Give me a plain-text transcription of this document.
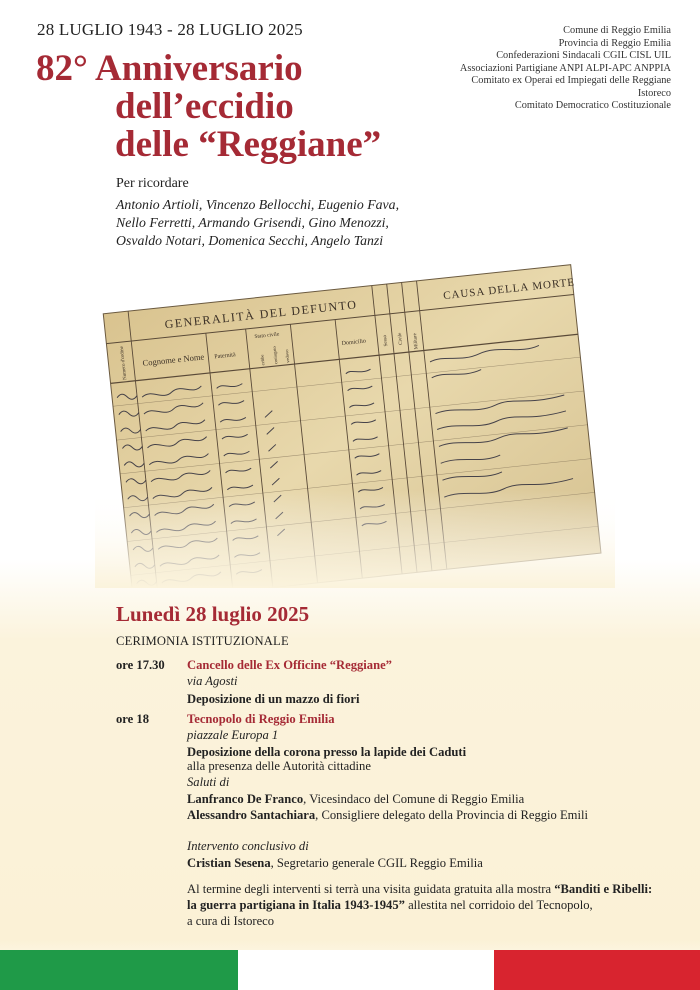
28 LUGLIO 1943 - 28 LUGLIO 2025
82° Anniversario
dell’eccidio
delle “Reggiane”
Comune di Reggio Emilia
Provincia di Reggio Emilia
Confederazioni Sindacali CGIL CISL UIL
Associazioni Partigiane ANPI ALPI-APC ANPPIA
Comitato ex Operai ed Impiegati delle Reggiane
Istoreco
Comitato Democratico Costituzionale
Per ricordare
Antonio Artioli, Vincenzo Bellocchi, Eugenio Fava,
Nello Ferretti, Armando Grisendi, Gino Menozzi,
Lunedì 28 luglio 2025
CERIMONIA ISTITUZIONALE
ore 17.30 Cancello delle Ex Officine “Reggiane”
via Agosti
Deposizione di un mazzo di fiori
ore 18	Tecnopolo di Reggio Emilia
piazzale Europa 1
Deposizione della corona presso la lapide dei Caduti
alla presenza delle Autorità cittadine
Saluti di
Lanfranco De Franco, Vicesindaco del Comune di Reggio Emilia
Alessandro Santachiara, Consigliere delegato della Provincia di Reggio Emili
Intervento conclusivo di
Cristian Sesena, Segretario generale CGIL Reggio Emilia
Al termine degli interventi si terrà una visita guidata gratuita alla mostra “Banditi e Ribelli:
la guerra partigiana in Italia 1943-1945” allestita nel corridoio del Tecnopolo,
a cura di Istoreco
